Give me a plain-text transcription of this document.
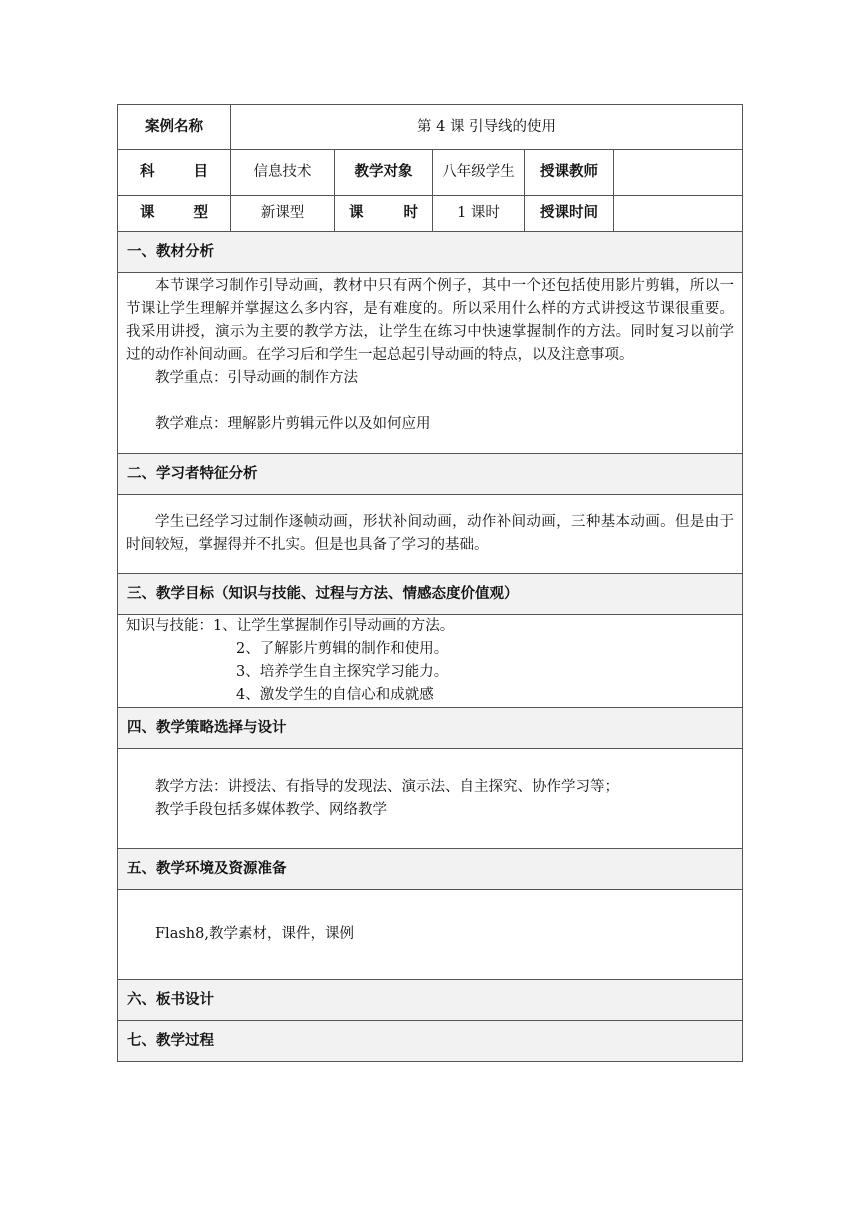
案例名称	第 4 课 引导线的使用				

科 目	信息技术	教学对象	八年级学生	授课教师	

课 型	新课型	课 时	1 课时	授课时间	
一、教材分析					

本节课学习制作引导动画，教材中只有两个例子，其中一个还包括使用影片剪辑，所以一节课让学生理解并掌握这么多内容，是有难度的。所以采用什么样的方式讲授这节课很重要。我采用讲授，演示为主要的教学方法，让学生在练习中快速掌握制作的方法。同时复习以前学过的动作补间动画。在学习后和学生一起总起引导动画的特点，以及注意事项。

教学重点：引导动画的制作方法

教学难点：理解影片剪辑元件以及如何应用					

二、学习者特征分析					

学生已经学习过制作逐帧动画，形状补间动画，动作补间动画，三种基本动画。但是由于时间较短，掌握得并不扎实。但是也具备了学习的基础。					

三、教学目标（知识与技能、过程与方法、情感态度价值观）					

知识与技能：1、让学生掌握制作引导动画的方法。

2、了解影片剪辑的制作和使用。

3、培养学生自主探究学习能力。

4、激发学生的自信心和成就感					

四、教学策略选择与设计					

教学方法：讲授法、有指导的发现法、演示法、自主探究、协作学习等；

教学手段包括多媒体教学、网络教学					

五、教学环境及资源准备					

Flash8,教学素材，课件，课例					

六、板书设计					
七、教学过程					
